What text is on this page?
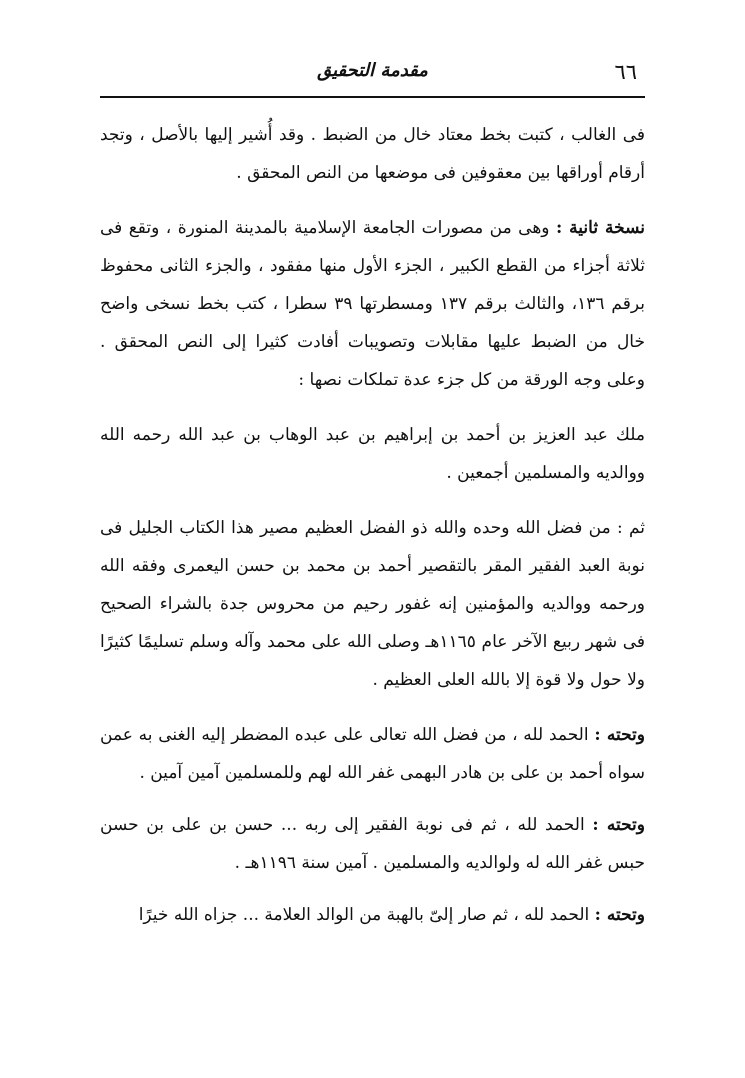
٦٦
مقدمة التحقيق

فى الغالب ، كتبت بخط معتاد خال من الضبط . وقد أُشير إليها بالأصل ، وتجد أرقام أوراقها بين معقوفين فى موضعها من النص المحقق .

نسخة ثانية : وهى من مصورات الجامعة الإسلامية بالمدينة المنورة ، وتقع فى ثلاثة أجزاء من القطع الكبير ، الجزء الأول منها مفقود ، والجزء الثانى محفوظ برقم ١٣٦، والثالث برقم ١٣٧ ومسطرتها ٣٩ سطرا ، كتب بخط نسخى واضح خال من الضبط عليها مقابلات وتصويبات أفادت كثيرا إلى النص المحقق . وعلى وجه الورقة من كل جزء عدة تملكات نصها :

ملك عبد العزيز بن أحمد بن إبراهيم بن عبد الوهاب بن عبد الله رحمه الله ووالديه والمسلمين أجمعين .

ثم : من فضل الله وحده والله ذو الفضل العظيم مصير هذا الكتاب الجليل فى نوبة العبد الفقير المقر بالتقصير أحمد بن محمد بن حسن اليعمرى وفقه الله ورحمه ووالديه والمؤمنين إنه غفور رحيم من محروس جدة بالشراء الصحيح فى شهر ربيع الآخر عام ١١٦٥هـ وصلى الله على محمد وآله وسلم تسليمًا كثيرًا ولا حول ولا قوة إلا بالله العلى العظيم .

وتحته : الحمد لله ، من فضل الله تعالى على عبده المضطر إليه الغنى به عمن سواه أحمد بن على بن هادر البهمى غفر الله لهم وللمسلمين آمين آمين .

وتحته : الحمد لله ، ثم فى نوبة الفقير إلى ربه ... حسن بن على بن حسن حبس غفر الله له ولوالديه والمسلمين . آمين سنة ١١٩٦هـ .

وتحته : الحمد لله ، ثم صار إلىّ بالهبة من الوالد العلامة ... جزاه الله خيرًا
